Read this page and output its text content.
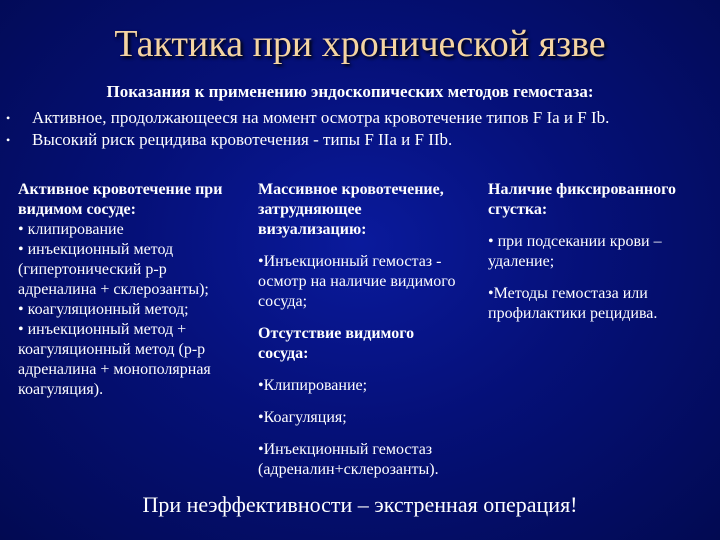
Тактика при хронической язве
Показания к применению эндоскопических методов гемостаза:
• Активное, продолжающееся на момент осмотра кровотечение типов F Ia и F Ib.
• Высокий риск рецидива кровотечения - типы F IIa и F IIb.

Активное кровотечение при

видимом сосуде:

• клипирование

• инъекционный метод

(гипертонический р-р

адреналина + склерозанты);

• коагуляционный метод;

• инъекционный метод +

коагуляционный метод (р-р

адреналина + монополярная

коагуляция).

Массивное кровотечение,

затрудняющее

визуализацию:

•Инъекционный гемостаз -

осмотр на наличие видимого

сосуда;

Отсутствие видимого

сосуда:

•Клипирование;

•Коагуляция;

•Инъекционный гемостаз

(адреналин+склерозанты).

Наличие фиксированного

сгустка:

• при подсекании крови –

удаление;

•Методы гемостаза или

профилактики рецидива.

При неэффективности – экстренная операция!
